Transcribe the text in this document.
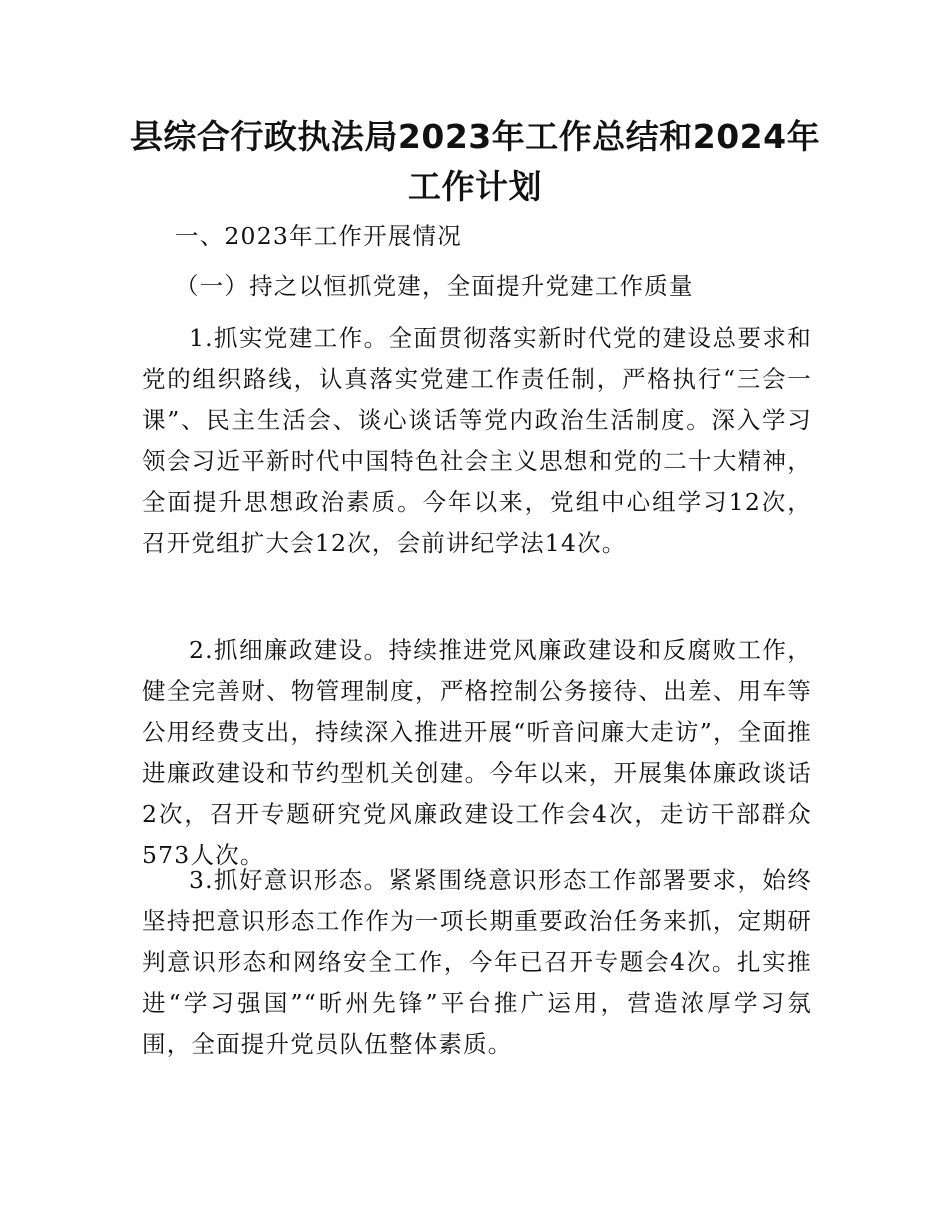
县综合行政执法局2023年工作总结和2024年
工作计划

一、2023年工作开展情况

（一）持之以恒抓党建，全面提升党建工作质量

1.抓实党建工作。全面贯彻落实新时代党的建设总要求和党的组织路线，认真落实党建工作责任制，严格执行“三会一课”、民主生活会、谈心谈话等党内政治生活制度。深入学习领会习近平新时代中国特色社会主义思想和党的二十大精神，全面提升思想政治素质。今年以来，党组中心组学习12次，召开党组扩大会12次，会前讲纪学法14次。

2.抓细廉政建设。持续推进党风廉政建设和反腐败工作，健全完善财、物管理制度，严格控制公务接待、出差、用车等公用经费支出，持续深入推进开展“听音问廉大走访”，全面推进廉政建设和节约型机关创建。今年以来，开展集体廉政谈话2次，召开专题研究党风廉政建设工作会4次，走访干部群众573人次。

3.抓好意识形态。紧紧围绕意识形态工作部署要求，始终坚持把意识形态工作作为一项长期重要政治任务来抓，定期研判意识形态和网络安全工作，今年已召开专题会4次。扎实推进“学习强国”“昕州先锋”平台推广运用，营造浓厚学习氛围，全面提升党员队伍整体素质。
